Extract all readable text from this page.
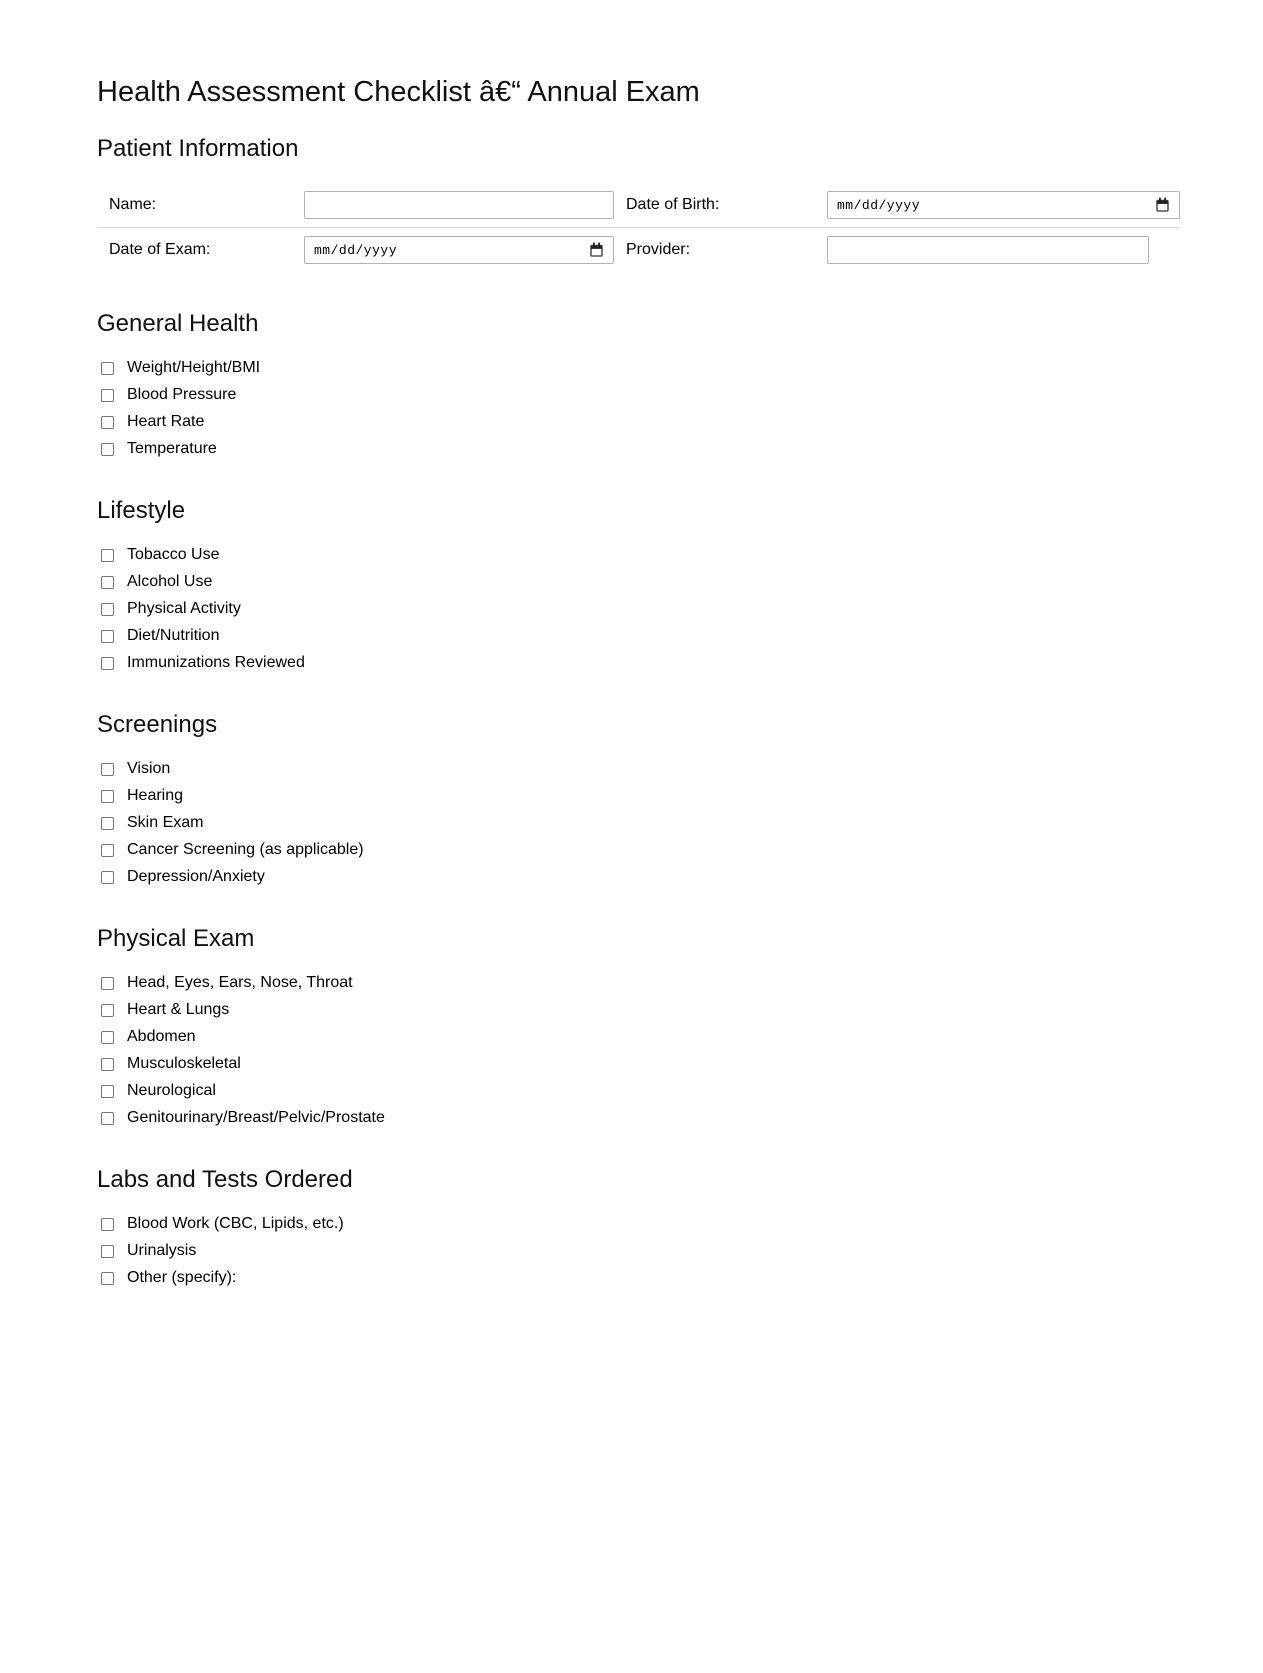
Health Assessment Checklist â€“ Annual Exam
Patient Information
Name:	Date of Birth:	mm/dd/yyyy
Date of Exam:	mm/dd/yyyy	Provider:
General Health
Weight/Height/BMI
Blood Pressure
Heart Rate
Temperature
Lifestyle
Tobacco Use
Alcohol Use
Physical Activity
Diet/Nutrition
Immunizations Reviewed
Screenings
Vision
Hearing
Skin Exam
Cancer Screening (as applicable)
Depression/Anxiety
Physical Exam
Head, Eyes, Ears, Nose, Throat
Heart & Lungs
Abdomen
Musculoskeletal
Neurological
Genitourinary/Breast/Pelvic/Prostate
Labs and Tests Ordered
Blood Work (CBC, Lipids, etc.)
Urinalysis
Other (specify):
